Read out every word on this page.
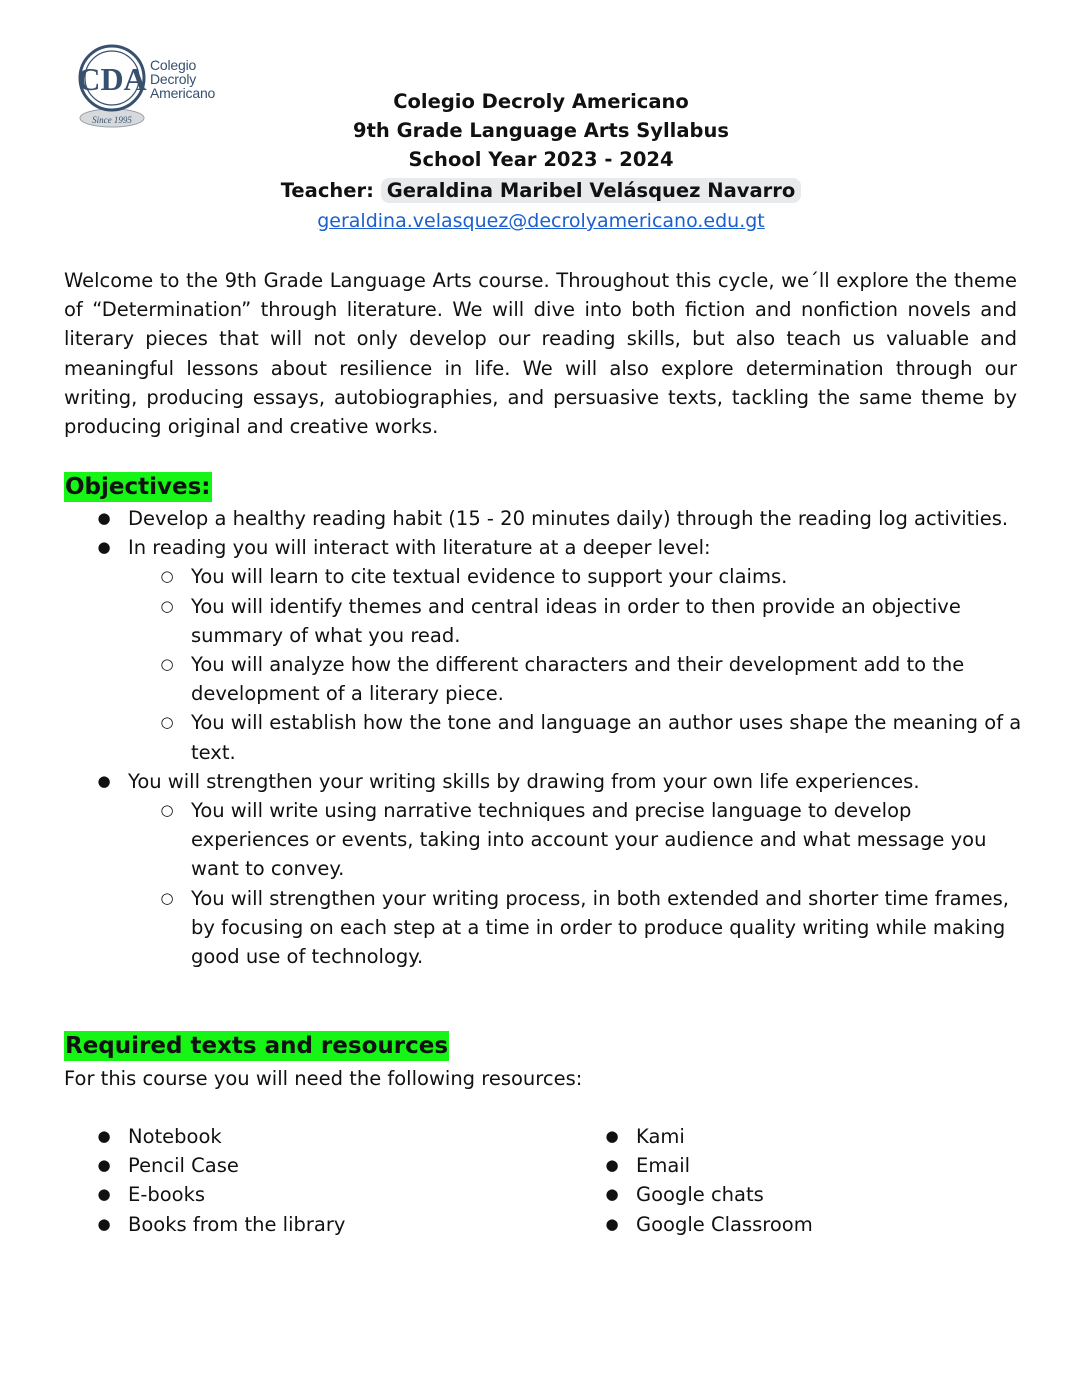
CDA
Since 1995
Colegio
Decroly
Americano	Colegio Decroly Americano
9th Grade Language Arts Syllabus
School Year 2023 - 2024
Teacher: Geraldina Maribel Velásquez Navarro
geraldina.velasquez@decrolyamericano.edu.gt

Welcome to the 9th Grade Language Arts course. Throughout this cycle, we´ll explore the theme of “Determination” through literature. We will dive into both fiction and nonfiction novels and literary pieces that will not only develop our reading skills, but also teach us valuable and meaningful lessons about resilience in life. We will also explore determination through our writing, producing essays, autobiographies, and persuasive texts, tackling the same theme by producing original and creative works.

Objectives:
● Develop a healthy reading habit (15 - 20 minutes daily) through the reading log activities.
● In reading you will interact with literature at a deeper level:
○ You will learn to cite textual evidence to support your claims.
○ You will identify themes and central ideas in order to then provide an objective summary of what you read.
○ You will analyze how the different characters and their development add to the development of a literary piece.
○ You will establish how the tone and language an author uses shape the meaning of a text.
● You will strengthen your writing skills by drawing from your own life experiences.
○ You will write using narrative techniques and precise language to develop experiences or events, taking into account your audience and what message you want to convey.
○ You will strengthen your writing process, in both extended and shorter time frames, by focusing on each step at a time in order to produce quality writing while making good use of technology.
Required texts and resources

For this course you will need the following resources:

● Notebook
● Pencil Case
● E-books
● Books from the library
● Kami
● Email
● Google chats
● Google Classroom
